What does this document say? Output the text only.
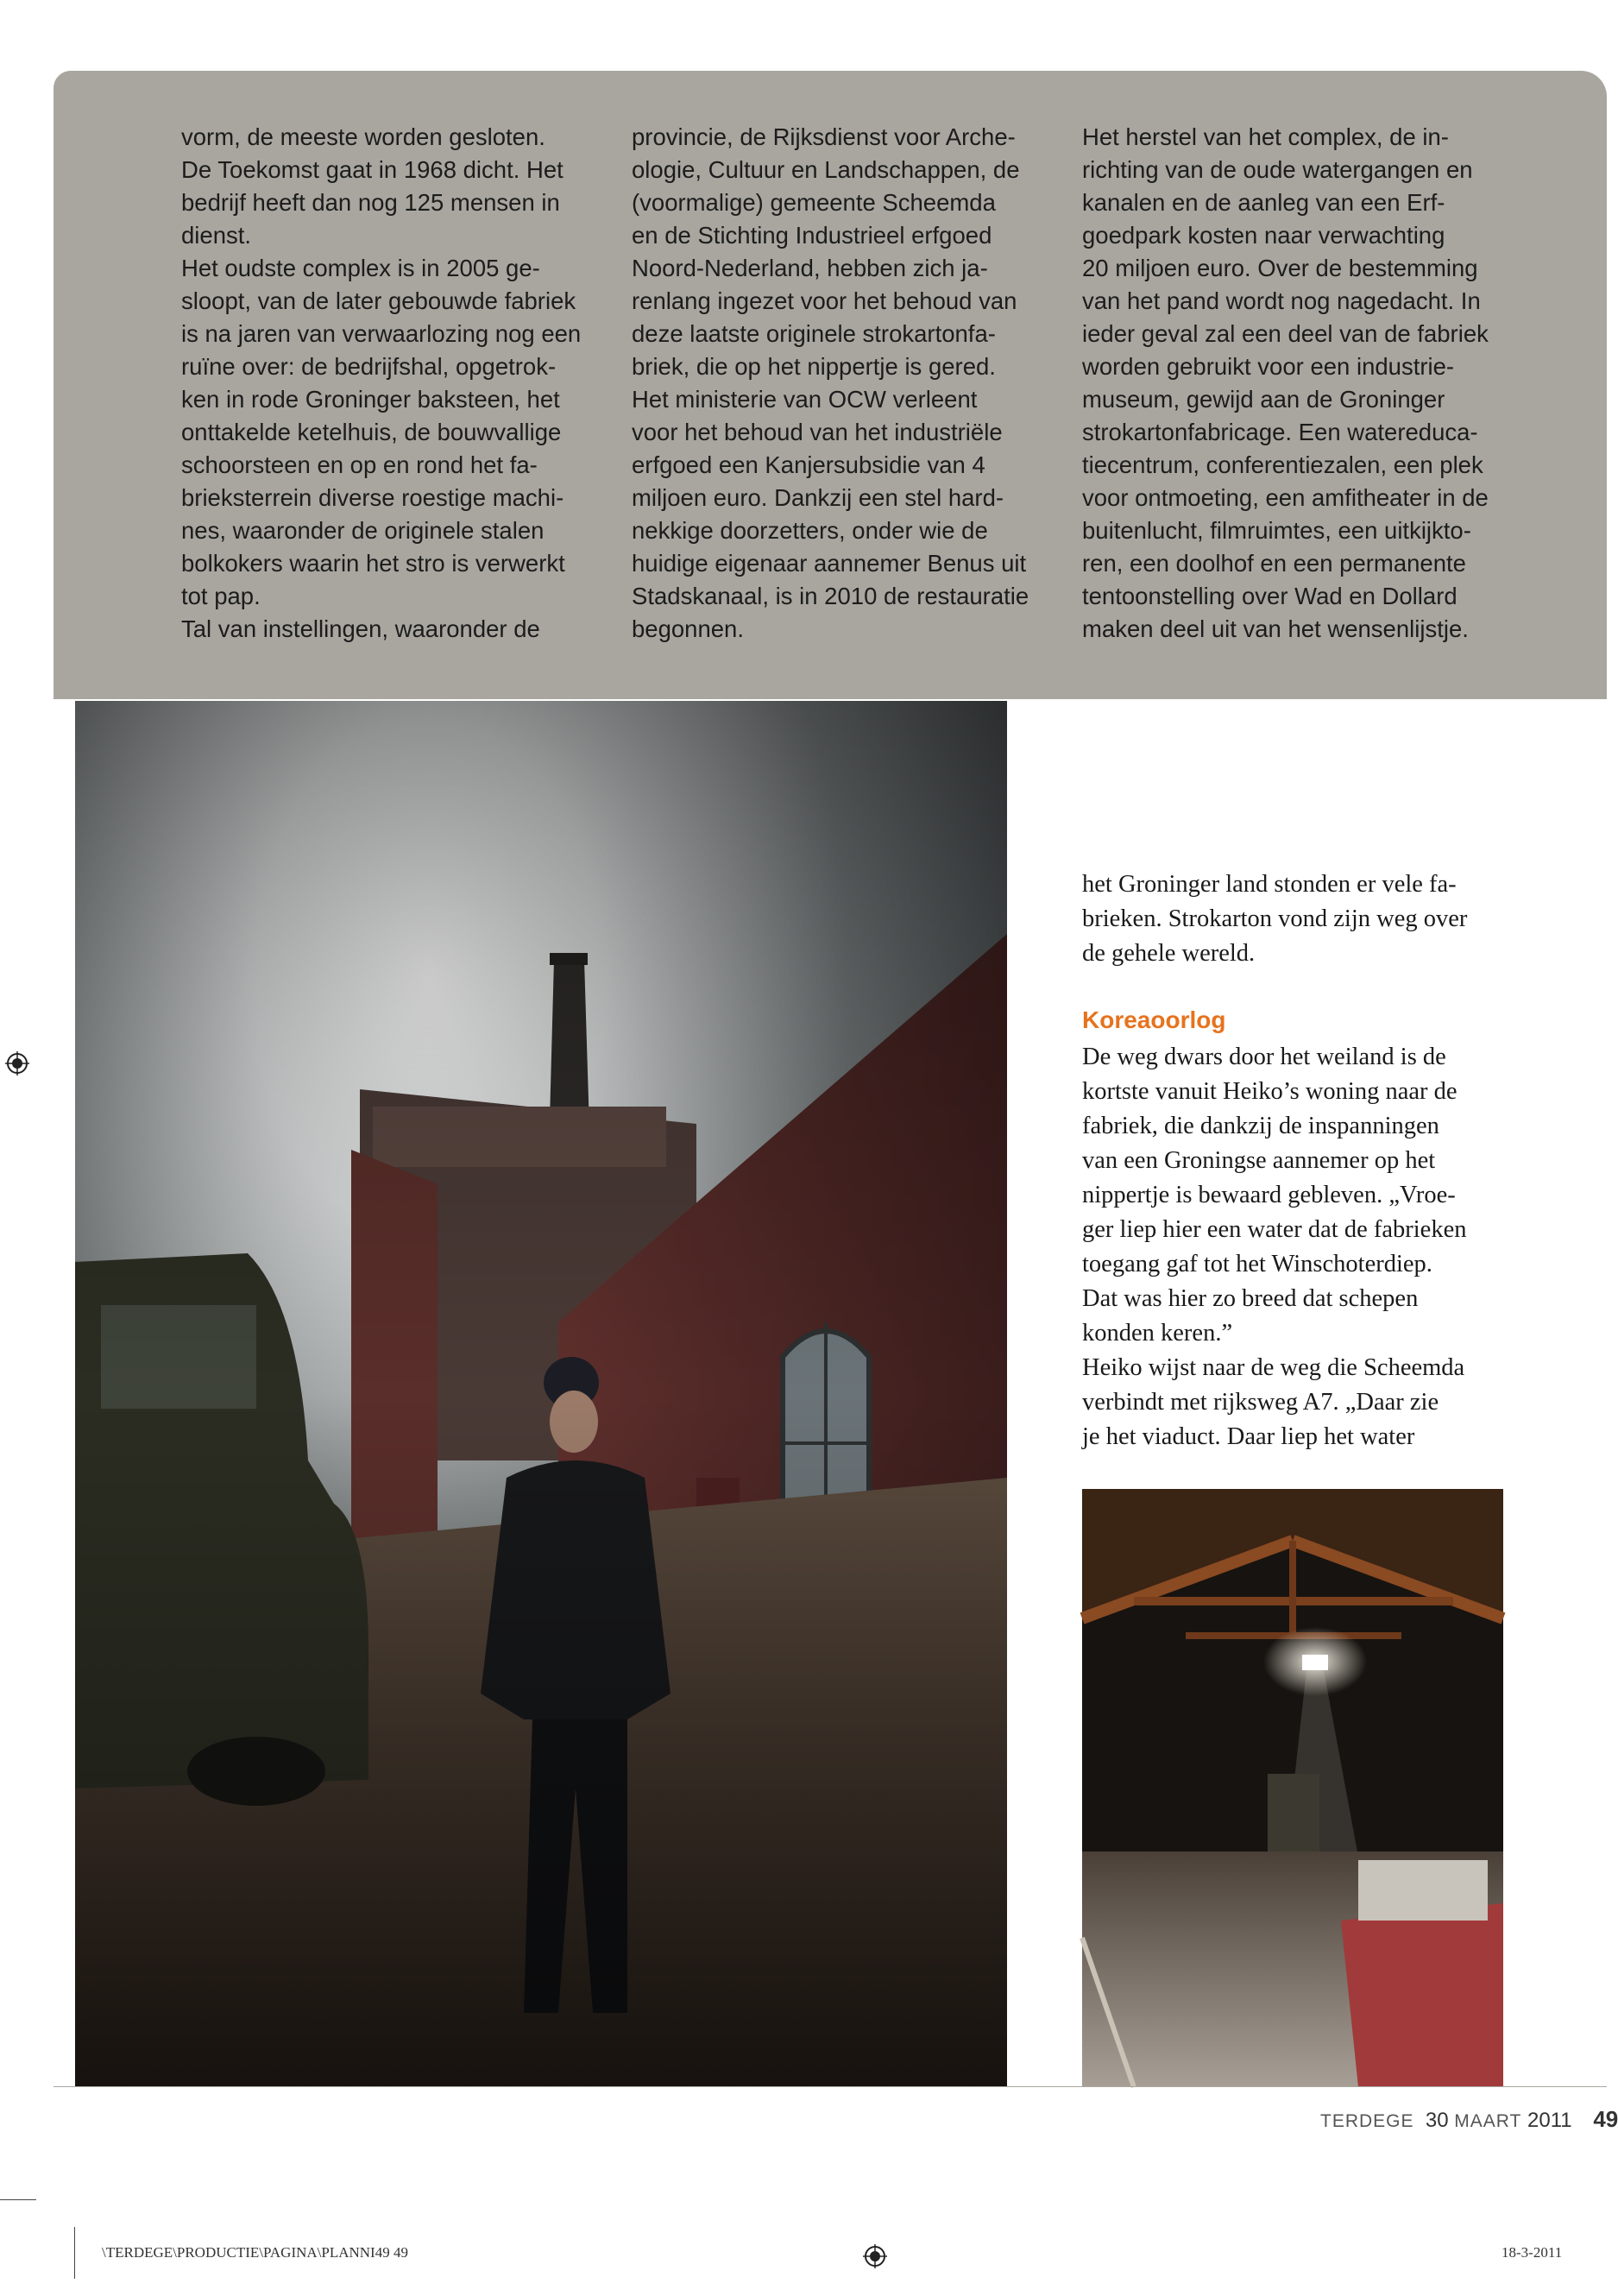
vorm, de meeste worden gesloten.

De Toekomst gaat in 1968 dicht. Het

bedrijf heeft dan nog 125 mensen in

dienst.

Het oudste complex is in 2005 ge-

sloopt, van de later gebouwde fabriek

is na jaren van verwaarlozing nog een

ruïne over: de bedrijfshal, opgetrok-

ken in rode Groninger baksteen, het

onttakelde ketelhuis, de bouwvallige

schoorsteen en op en rond het fa-

brieksterrein diverse roestige machi-

nes, waaronder de originele stalen

bolkokers waarin het stro is verwerkt

tot pap.

Tal van instellingen, waaronder de

provincie, de Rijksdienst voor Arche-

ologie, Cultuur en Landschappen, de

(voormalige) gemeente Scheemda

en de Stichting Industrieel erfgoed

Noord-Nederland, hebben zich ja-

renlang ingezet voor het behoud van

deze laatste originele strokartonfa-

briek, die op het nippertje is gered.

Het ministerie van OCW verleent

voor het behoud van het industriële

erfgoed een Kanjersubsidie van 4

miljoen euro. Dankzij een stel hard-

nekkige doorzetters, onder wie de

huidige eigenaar aannemer Benus uit

Stadskanaal, is in 2010 de restauratie

begonnen.

Het herstel van het complex, de in-

richting van de oude watergangen en

kanalen en de aanleg van een Erf-

goedpark kosten naar verwachting

20 miljoen euro. Over de bestemming

van het pand wordt nog nagedacht. In

ieder geval zal een deel van de fabriek

worden gebruikt voor een industrie-

museum, gewijd aan de Groninger

strokartonfabricage. Een watereduca-

tiecentrum, conferentiezalen, een plek

voor ontmoeting, een amfitheater in de

buitenlucht, filmruimtes, een uitkijkto-

ren, een doolhof en een permanente

tentoonstelling over Wad en Dollard

maken deel uit van het wensenlijstje.

het Groninger land stonden er vele fa-

brieken. Strokarton vond zijn weg over

de gehele wereld.

Koreaoorlog

De weg dwars door het weiland is de

kortste vanuit Heiko’s woning naar de

fabriek, die dankzij de inspanningen

van een Groningse aannemer op het

nippertje is bewaard gebleven. „Vroe-

ger liep hier een water dat de fabrieken

toegang gaf tot het Winschoterdiep.

Dat was hier zo breed dat schepen

konden keren.”

Heiko wijst naar de weg die Scheemda

verbindt met rijksweg A7. „Daar zie

je het viaduct. Daar liep het water

TERDEGE 30 MAART 2011 49
\TERDEGE\PRODUCTIE\PAGINA\PLANNI49 49	18-3-2011
